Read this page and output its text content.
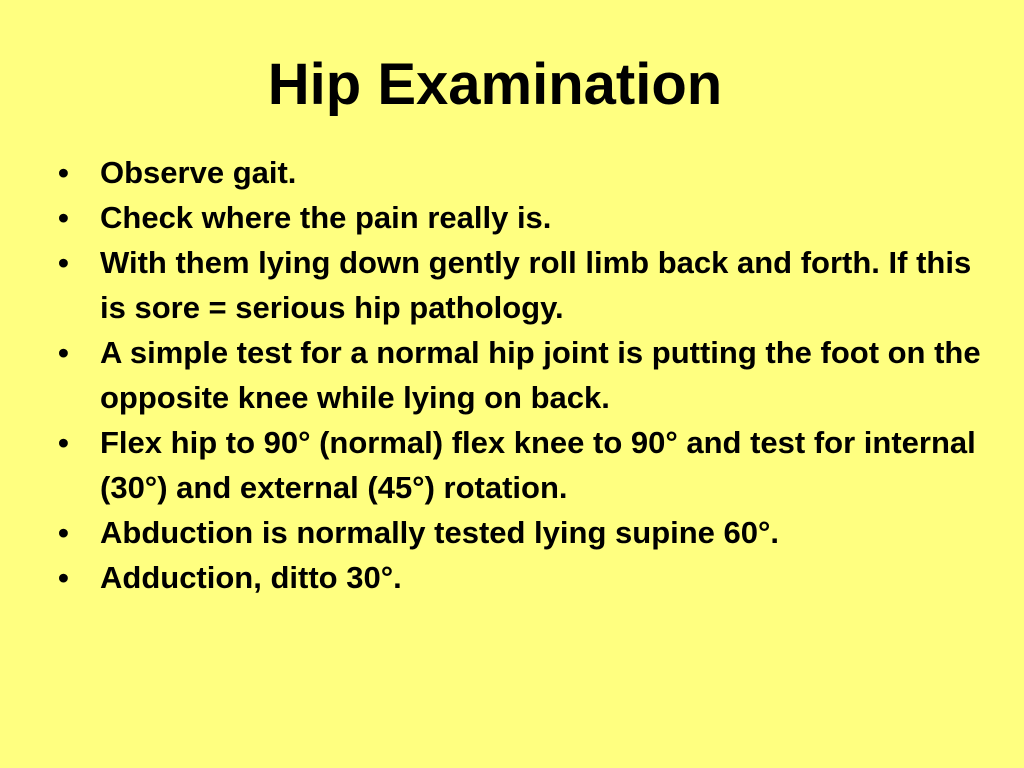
Hip Examination
•	Observe gait.
•	Check where the pain really is.
•	With them lying down gently roll limb back and forth. If this is sore = serious hip pathology.
•	A simple test for a normal hip joint is putting the foot on the opposite knee while lying on back.
•	Flex hip to 90° (normal) flex knee to 90° and test for internal (30°) and external (45°) rotation.
•	Abduction is normally tested lying supine 60°.
•	Adduction, ditto 30°.
